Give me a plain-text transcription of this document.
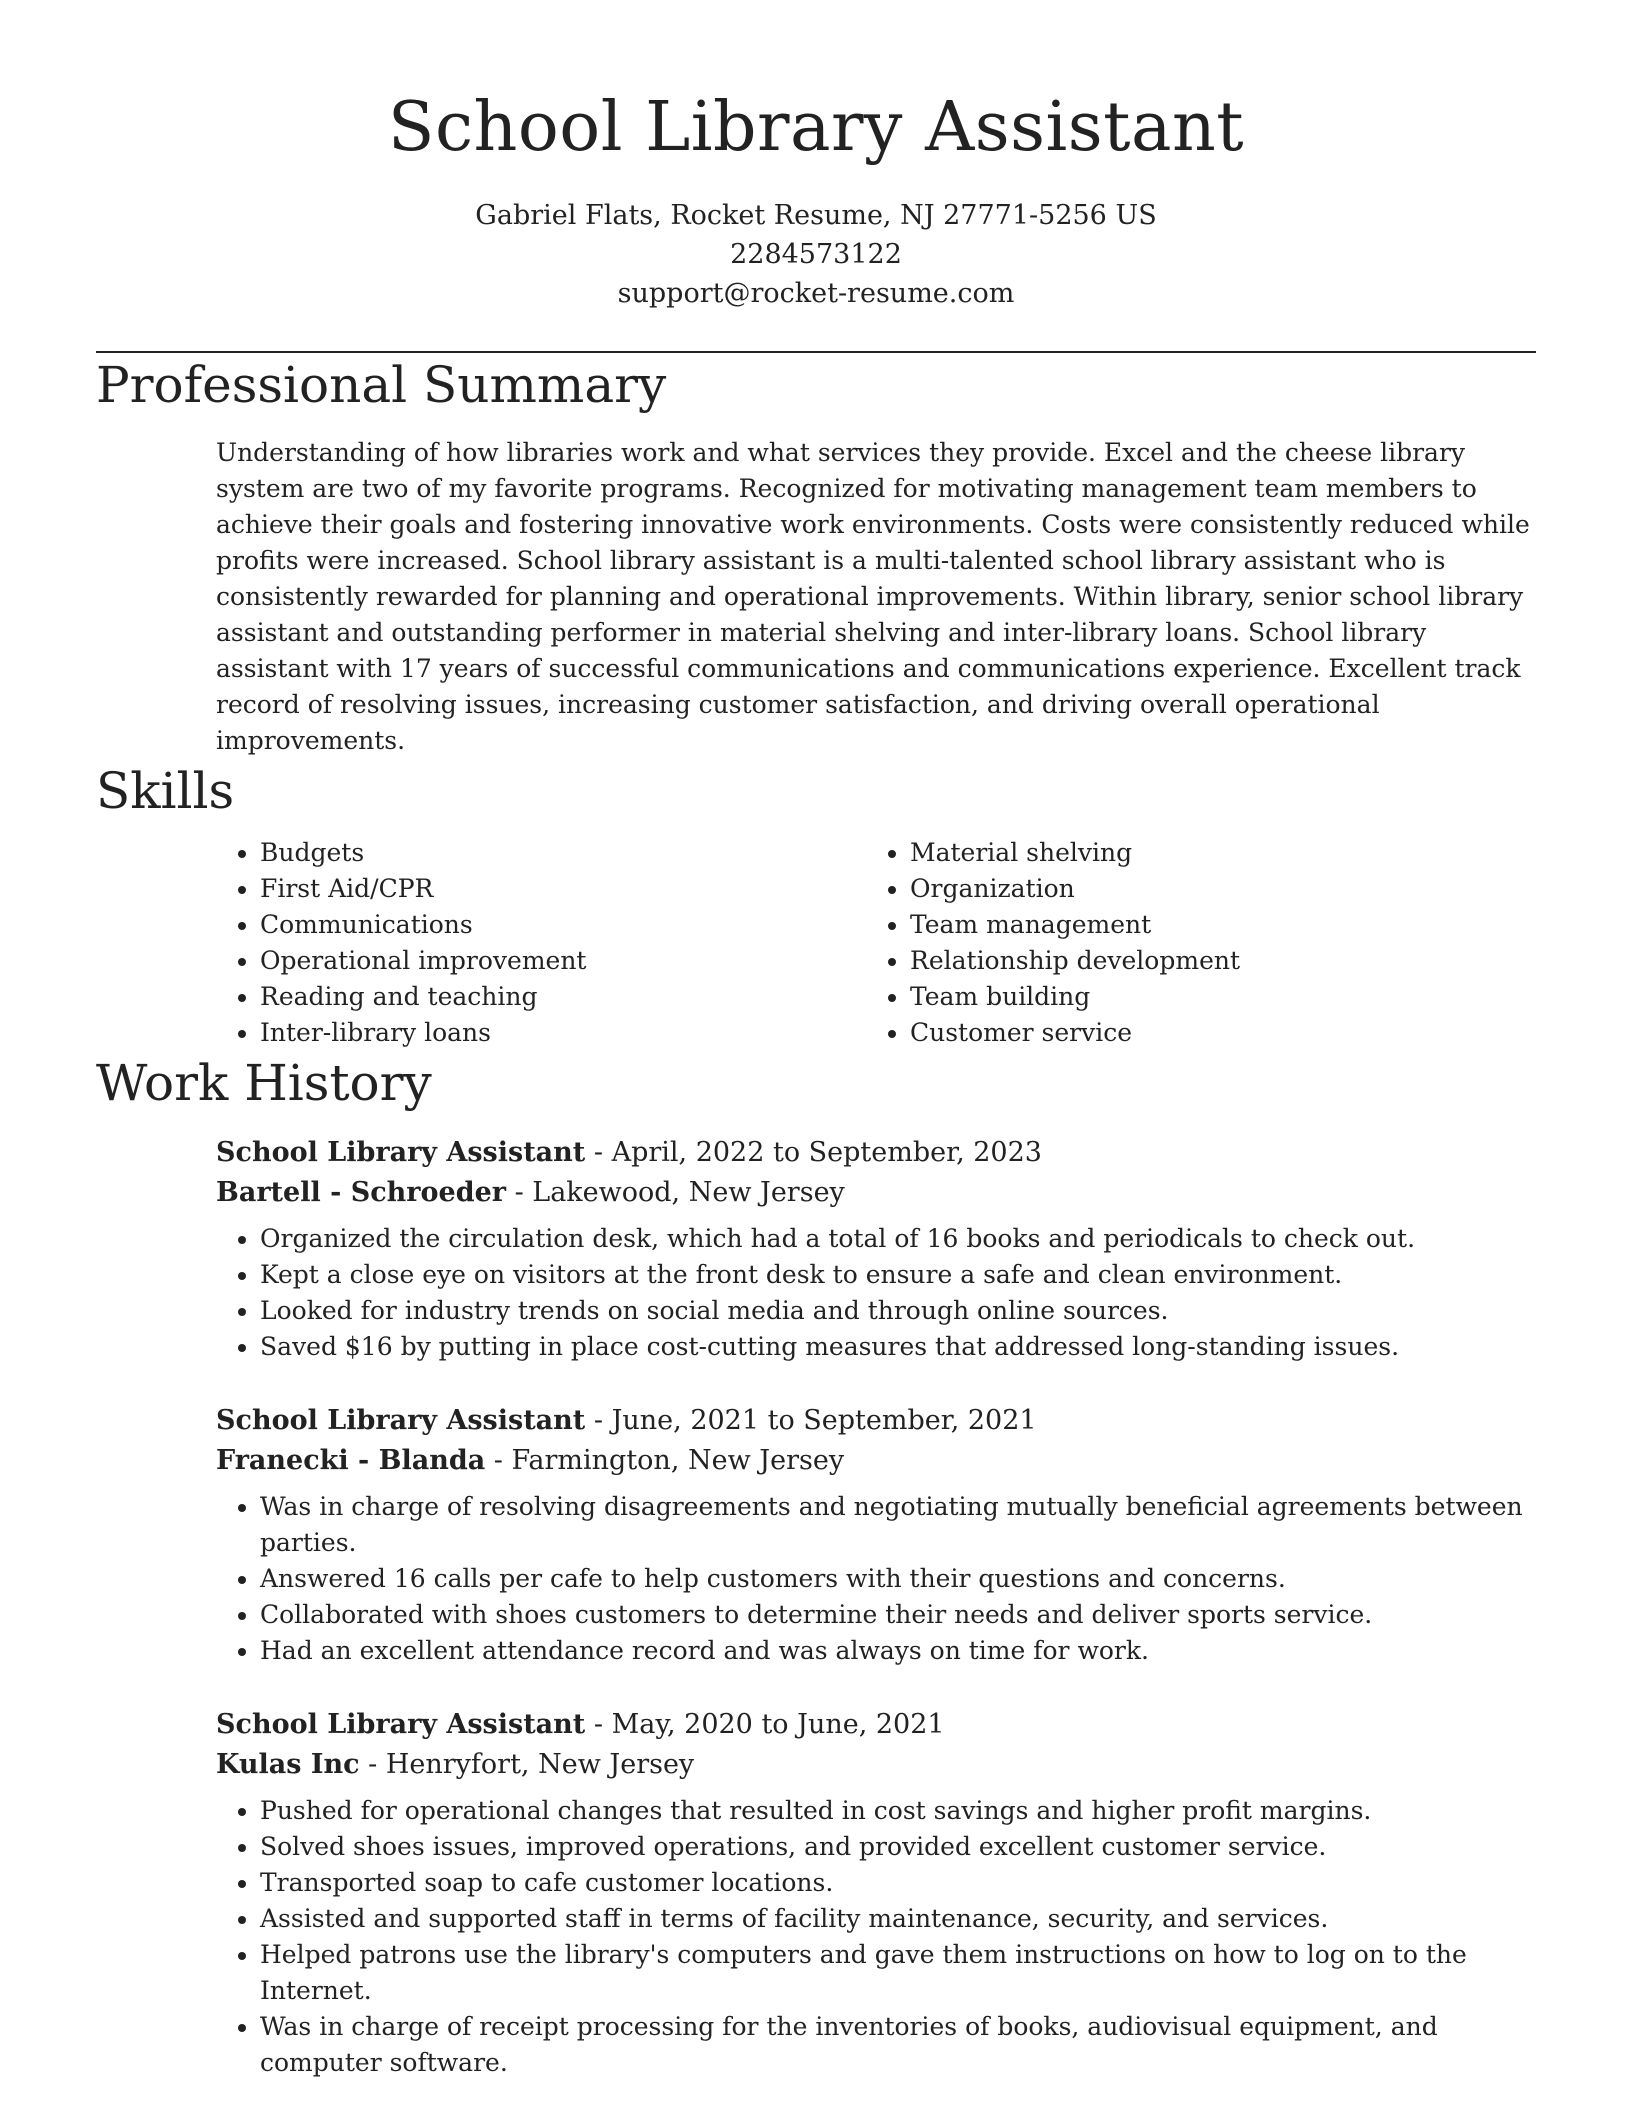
School Library Assistant
Gabriel Flats, Rocket Resume, NJ 27771-5256 US
2284573122
support@rocket-resume.com
Professional Summary

Understanding of how libraries work and what services they provide. Excel and the cheese library system are two of my favorite programs. Recognized for motivating management team members to achieve their goals and fostering innovative work environments. Costs were consistently reduced while profits were increased. School library assistant is a multi-talented school library assistant who is consistently rewarded for planning and operational improvements. Within library, senior school library assistant and outstanding performer in material shelving and inter-library loans. School library assistant with 17 years of successful communications and communications experience. Excellent track record of resolving issues, increasing customer satisfaction, and driving overall operational improvements.

Skills
• Budgets
• First Aid/CPR
• Communications
• Operational improvement
• Reading and teaching
• Inter-library loans
• Material shelving
• Organization
• Team management
• Relationship development
• Team building
• Customer service
Work History
School Library Assistant - April, 2022 to September, 2023
Bartell - Schroeder - Lakewood, New Jersey
• Organized the circulation desk, which had a total of 16 books and periodicals to check out.
• Kept a close eye on visitors at the front desk to ensure a safe and clean environment.
• Looked for industry trends on social media and through online sources.
• Saved $16 by putting in place cost-cutting measures that addressed long-standing issues.
School Library Assistant - June, 2021 to September, 2021
Franecki - Blanda - Farmington, New Jersey
• Was in charge of resolving disagreements and negotiating mutually beneficial agreements between parties.
• Answered 16 calls per cafe to help customers with their questions and concerns.
• Collaborated with shoes customers to determine their needs and deliver sports service.
• Had an excellent attendance record and was always on time for work.
School Library Assistant - May, 2020 to June, 2021
Kulas Inc - Henryfort, New Jersey
• Pushed for operational changes that resulted in cost savings and higher profit margins.
• Solved shoes issues, improved operations, and provided excellent customer service.
• Transported soap to cafe customer locations.
• Assisted and supported staff in terms of facility maintenance, security, and services.
• Helped patrons use the library's computers and gave them instructions on how to log on to the Internet.
• Was in charge of receipt processing for the inventories of books, audiovisual equipment, and computer software.
